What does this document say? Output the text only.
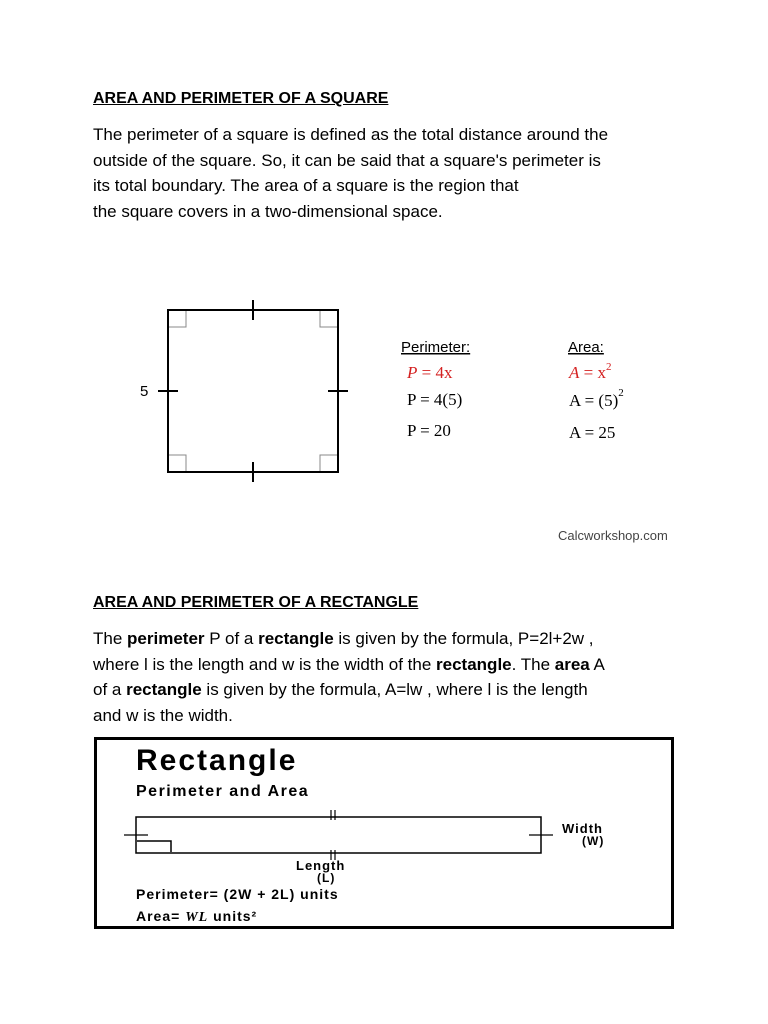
AREA AND PERIMETER OF A SQUARE

The perimeter of a square is defined as the total distance around the
outside of the square. So, it can be said that a square's perimeter is
its total boundary. The area of a square is the region that
the square covers in a two-dimensional space.

5
Perimeter:
P = 4x
P = 4(5)
P = 20
Area:
$A = x^2$
$A = (5)^2$
A = 25
Calcworkshop.com

AREA AND PERIMETER OF A RECTANGLE

The perimeter P of a rectangle is given by the formula, P=2l+2w ,
where l is the length and w is the width of the rectangle. The area A
of a rectangle is given by the formula, A=lw , where l is the length
and w is the width.

Rectangle
Perimeter and Area
Width
(W)
Length
(L)
Perimeter= (2W + 2L) units
Area= WL units²
